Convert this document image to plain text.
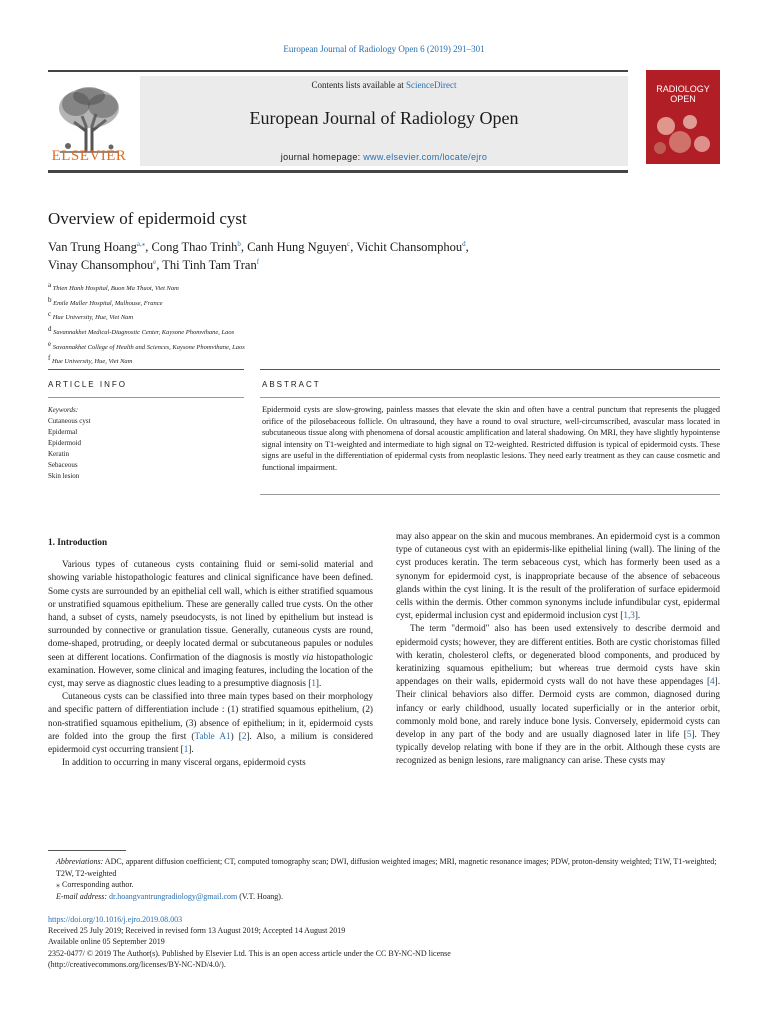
European Journal of Radiology Open 6 (2019) 291–301
ELSEVIER
Contents lists available at ScienceDirect
European Journal of Radiology Open
journal homepage: www.elsevier.com/locate/ejro
RADIOLOGY
OPEN
Overview of epidermoid cyst
Van Trung Hoang$^{a,⁎}$, Cong Thao Trinh$^b$, Canh Hung Nguyen$^c$, Vichit Chansomphou$^d$,
Vinay Chansomphou$^e$, Thi Tinh Tam Tran$^f$
$^a$ Thien Hanh Hospital, Buon Ma Thuot, Viet Nam
$^b$ Emile Muller Hospital, Mulhouse, France
$^c$ Hue University, Hue, Viet Nam
$^d$ Savannakhet Medical-Diagnostic Center, Kaysone Phomvihane, Laos
$^e$ Savannakhet College of Health and Sciences, Kaysone Phomvihane, Laos
$^f$ Hue University, Hue, Viet Nam
ARTICLE INFO	ABSTRACT
Keywords:
Cutaneous cyst
Epidermal
Epidermoid
Keratin
Sebaceous
Skin lesion
Epidermoid cysts are slow-growing, painless masses that elevate the skin and often have a central punctum that represents the plugged orifice of the pilosebaceous follicle. On ultrasound, they have a round to oval structure, well-circumscribed, avascular mass located in subcutaneous tissue along with phenomena of dorsal acoustic amplification and lateral shadowing. On MRI, they have slightly hypointense signal intensity on T1-weighted and intermediate to high signal on T2-weighted. Restricted diffusion is typical of epidermoid cysts. These signs are useful in the differentiation of epidermal cysts from neoplastic lesions. They need early treatment as they can cause cosmetic and functional impairment.

1. Introduction

Various types of cutaneous cysts containing fluid or semi-solid material and showing variable histopathologic features and clinical significance have been defined. Some cysts are surrounded by an epithelial cell wall, which is either stratified squamous or unstratified squamous epithelium. These are generally called true cysts. On the other hand, a subset of cysts, namely pseudocysts, is not lined by epithelium but instead is surrounded by connective or granulation tissue. Generally, cutaneous cysts are round, dome-shaped, protruding, or deeply located dermal or subcutaneous papules or nodules seen at different locations. Confirmation of the diagnosis is mostly via histopathologic examination. However, some clinical and imaging features, including the location of the cyst, may serve as diagnostic clues leading to a presumptive diagnosis [1].

Cutaneous cysts can be classified into three main types based on their morphology and specific pattern of differentiation include : (1) stratified squamous epithelium, (2) non-stratified squamous epithelium, (3) absence of epithelium; in it, epidermoid cysts are folded into the group the first (Table A1) [2]. Also, a milium is considered epidermoid cyst occurring transient [1].

In addition to occurring in many visceral organs, epidermoid cysts

may also appear on the skin and mucous membranes. An epidermoid cyst is a common type of cutaneous cyst with an epidermis-like epithelial lining (wall). The lining of the cyst produces keratin. The term sebaceous cyst, which has formerly been used as a synonym for epidermoid cyst, is inappropriate because of the absence of sebaceous glands within the cyst lining. It is the result of the proliferation of surface epidermoid cells within the dermis. Other common synonyms include infundibular cyst, epidermal cyst, epidermal inclusion cyst and epidermoid inclusion cyst [1,3].

The term "dermoid" also has been used extensively to describe dermoid and epidermoid cysts; however, they are different entities. Both are cystic choristomas filled with keratin, cholesterol clefts, or degenerated blood components, and produced by keratinizing squamous epithelium; but whereas true dermoid cysts have skin appendages on their walls, epidermoid cysts wall do not have these appendages [4]. Their clinical behaviors also differ. Dermoid cysts are common, diagnosed during infancy or early childhood, usually located superficially or in the anterior orbit, commonly mold bone, and rarely induce bone lysis. Conversely, epidermoid cysts can develop in any part of the body and are usually diagnosed later in life [5]. They typically develop relating with bone if they are in the orbit. Although these cysts are recognized as benign lesions, rare malignancy can arise. These cysts may

Abbreviations: ADC, apparent diffusion coefficient; CT, computed tomography scan; DWI, diffusion weighted images; MRI, magnetic resonance images; PDW, proton-density weighted; T1W, T1-weighted; T2W, T2-weighted
⁎ Corresponding author.
E-mail address: dr.hoangvantrungradiology@gmail.com (V.T. Hoang).
https://doi.org/10.1016/j.ejro.2019.08.003
Received 25 July 2019; Received in revised form 13 August 2019; Accepted 14 August 2019
Available online 05 September 2019
2352-0477/ © 2019 The Author(s). Published by Elsevier Ltd. This is an open access article under the CC BY-NC-ND license
(http://creativecommons.org/licenses/BY-NC-ND/4.0/).
